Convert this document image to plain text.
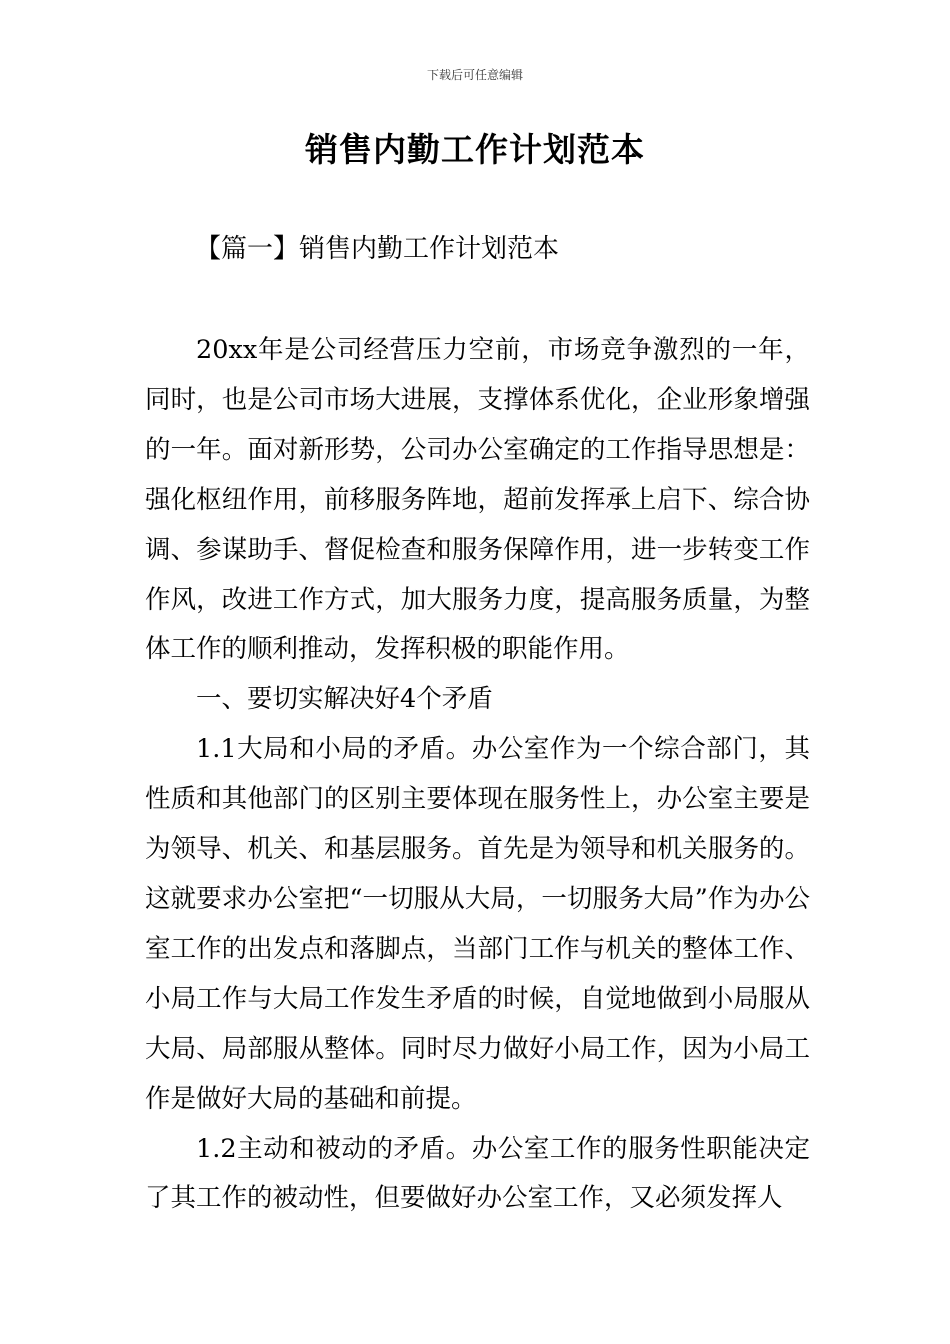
下载后可任意编辑
销售内勤工作计划范本
【篇一】销售内勤工作计划范本

20xx年是公司经营压力空前，市场竞争激烈的一年，同时，也是公司市场大进展，支撑体系优化，企业形象增强的一年。面对新形势，公司办公室确定的工作指导思想是：强化枢纽作用，前移服务阵地，超前发挥承上启下、综合协调、参谋助手、督促检查和服务保障作用，进一步转变工作作风，改进工作方式，加大服务力度，提高服务质量，为整体工作的顺利推动，发挥积极的职能作用。

一、要切实解决好4个矛盾

1.1大局和小局的矛盾。办公室作为一个综合部门，其性质和其他部门的区别主要体现在服务性上，办公室主要是为领导、机关、和基层服务。首先是为领导和机关服务的。这就要求办公室把“一切服从大局，一切服务大局”作为办公室工作的出发点和落脚点，当部门工作与机关的整体工作、小局工作与大局工作发生矛盾的时候，自觉地做到小局服从大局、局部服从整体。同时尽力做好小局工作，因为小局工作是做好大局的基础和前提。

1.2主动和被动的矛盾。办公室工作的服务性职能决定了其工作的被动性，但要做好办公室工作，又必须发挥人
